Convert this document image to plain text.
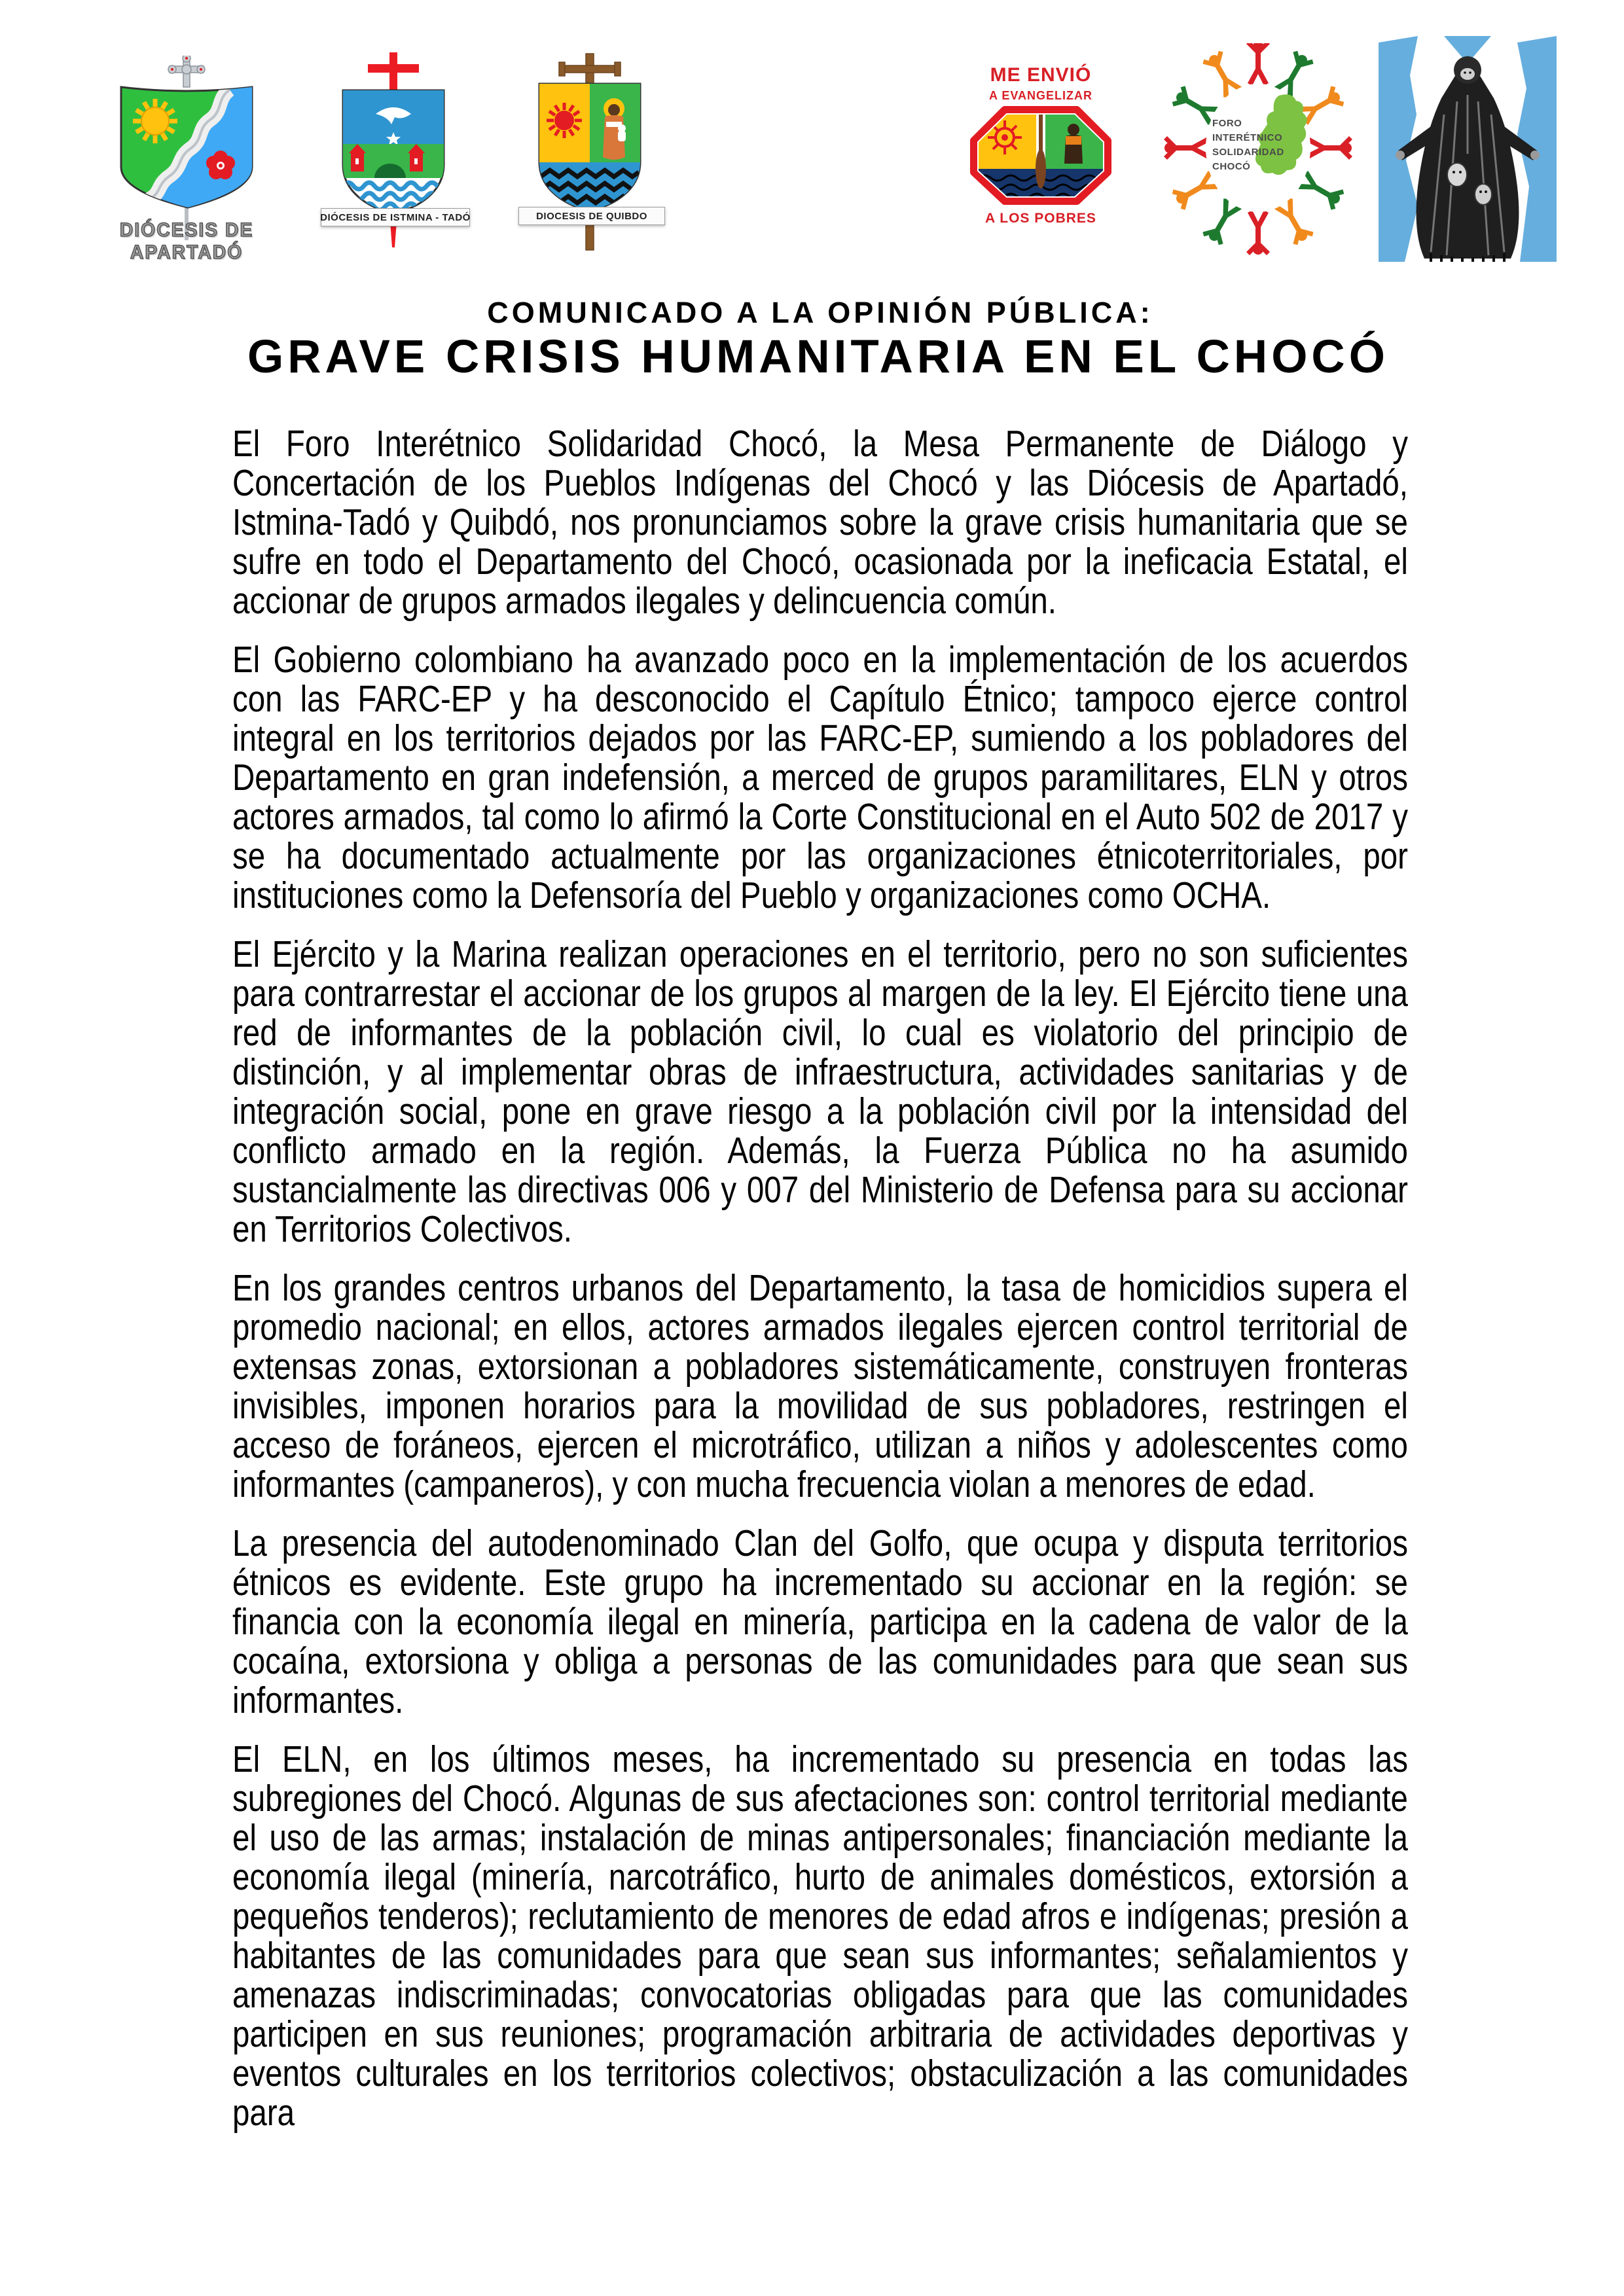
DIÓCESIS DE APARTADÓ
DIÓCESIS DE ISTMINA - TADÓ	DIOCESIS DE QUIBDO
ME ENVIÓ
A EVANGELIZAR
A LOS POBRES
FORO
INTERÉTNICO
SOLIDARIDAD
CHOCÓ
COMUNICADO A LA OPINIÓN PÚBLICA:
GRAVE CRISIS HUMANITARIA EN EL CHOCÓ

El Foro Interétnico Solidaridad Chocó, la Mesa Permanente de Diálogo y Concertación de los Pueblos Indígenas del Chocó y las Diócesis de Apartadó, Istmina-Tadó y Quibdó, nos pronunciamos sobre la grave crisis humanitaria que se sufre en todo el Departamento del Chocó, ocasionada por la ineficacia Estatal, el accionar de grupos armados ilegales y delincuencia común.

El Gobierno colombiano ha avanzado poco en la implementación de los acuerdos con las FARC-EP y ha desconocido el Capítulo Étnico; tampoco ejerce control integral en los territorios dejados por las FARC-EP, sumiendo a los pobladores del Departamento en gran indefensión, a merced de grupos paramilitares, ELN y otros actores armados, tal como lo afirmó la Corte Constitucional en el Auto 502 de 2017 y se ha documentado actualmente por las organizaciones étnicoterritoriales, por instituciones como la Defensoría del Pueblo y organizaciones como OCHA.

El Ejército y la Marina realizan operaciones en el territorio, pero no son suficientes para contrarrestar el accionar de los grupos al margen de la ley. El Ejército tiene una red de informantes de la población civil, lo cual es violatorio del principio de distinción, y al implementar obras de infraestructura, actividades sanitarias y de integración social, pone en grave riesgo a la población civil por la intensidad del conflicto armado en la región. Además, la Fuerza Pública no ha asumido sustancialmente las directivas 006 y 007 del Ministerio de Defensa para su accionar en Territorios Colectivos.

En los grandes centros urbanos del Departamento, la tasa de homicidios supera el promedio nacional; en ellos, actores armados ilegales ejercen control territorial de extensas zonas, extorsionan a pobladores sistemáticamente, construyen fronteras invisibles, imponen horarios para la movilidad de sus pobladores, restringen el acceso de foráneos, ejercen el microtráfico, utilizan a niños y adolescentes como informantes (campaneros), y con mucha frecuencia violan a menores de edad.

La presencia del autodenominado Clan del Golfo, que ocupa y disputa territorios étnicos es evidente. Este grupo ha incrementado su accionar en la región: se financia con la economía ilegal en minería, participa en la cadena de valor de la cocaína, extorsiona y obliga a personas de las comunidades para que sean sus informantes.

El ELN, en los últimos meses, ha incrementado su presencia en todas las subregiones del Chocó. Algunas de sus afectaciones son: control territorial mediante el uso de las armas; instalación de minas antipersonales; financiación mediante la economía ilegal (minería, narcotráfico, hurto de animales domésticos, extorsión a pequeños tenderos); reclutamiento de menores de edad afros e indígenas; presión a habitantes de las comunidades para que sean sus informantes; señalamientos y amenazas indiscriminadas; convocatorias obligadas para que las comunidades participen en sus reuniones; programación arbitraria de actividades deportivas y eventos culturales en los territorios colectivos; obstaculización a las comunidades para
